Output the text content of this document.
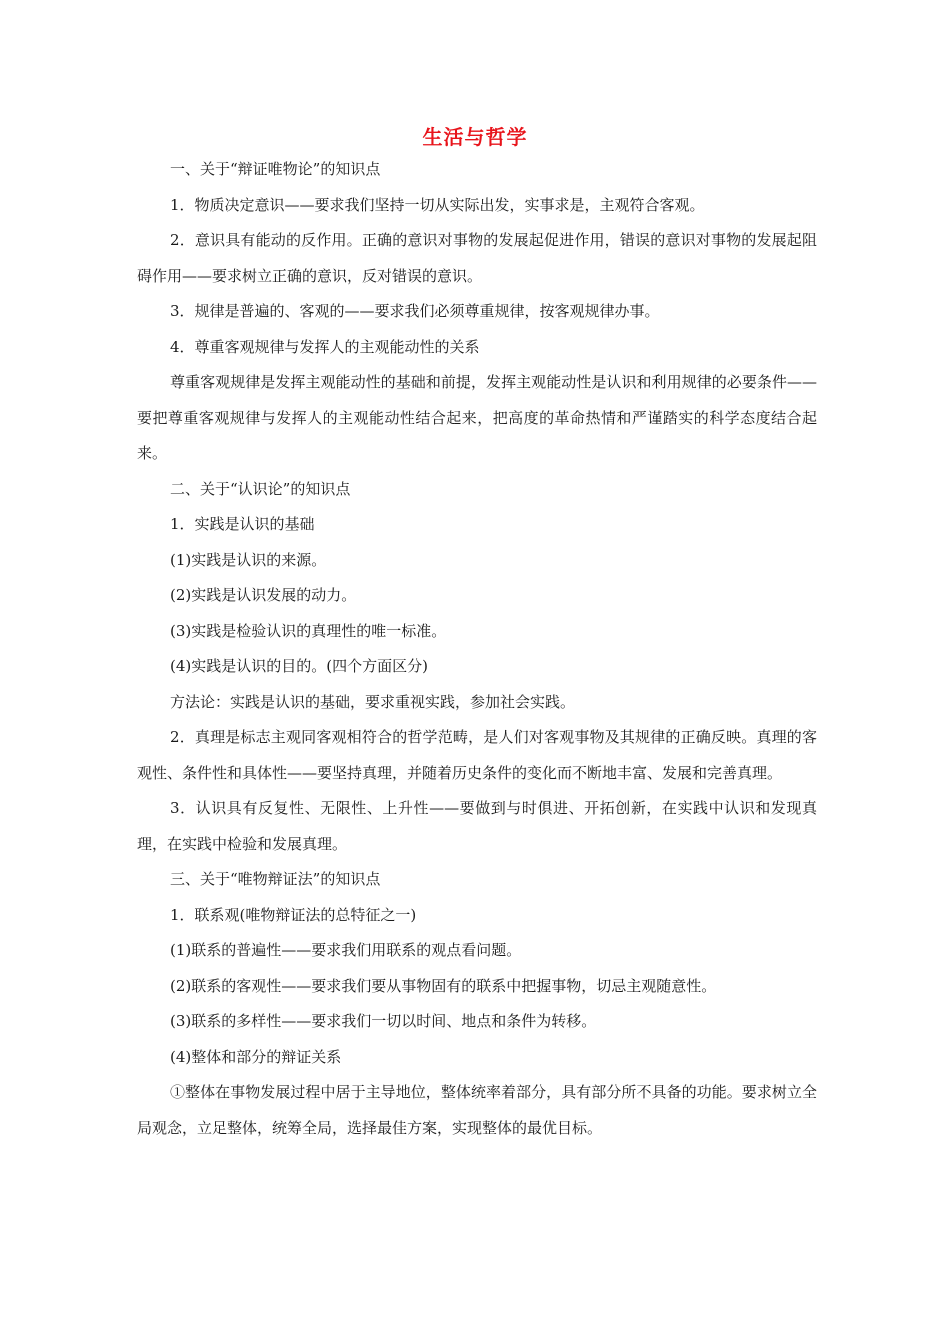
生活与哲学

一、关于“辩证唯物论”的知识点

1．物质决定意识——要求我们坚持一切从实际出发，实事求是，主观符合客观。

2．意识具有能动的反作用。正确的意识对事物的发展起促进作用，错误的意识对事物的发展起阻碍作用——要求树立正确的意识，反对错误的意识。

3．规律是普遍的、客观的——要求我们必须尊重规律，按客观规律办事。

4．尊重客观规律与发挥人的主观能动性的关系

尊重客观规律是发挥主观能动性的基础和前提，发挥主观能动性是认识和利用规律的必要条件——要把尊重客观规律与发挥人的主观能动性结合起来，把高度的革命热情和严谨踏实的科学态度结合起来。

二、关于“认识论”的知识点

1．实践是认识的基础

(1)实践是认识的来源。

(2)实践是认识发展的动力。

(3)实践是检验认识的真理性的唯一标准。

(4)实践是认识的目的。(四个方面区分)

方法论：实践是认识的基础，要求重视实践，参加社会实践。

2．真理是标志主观同客观相符合的哲学范畴，是人们对客观事物及其规律的正确反映。真理的客观性、条件性和具体性——要坚持真理，并随着历史条件的变化而不断地丰富、发展和完善真理。

3．认识具有反复性、无限性、上升性——要做到与时俱进、开拓创新，在实践中认识和发现真理，在实践中检验和发展真理。

三、关于“唯物辩证法”的知识点

1．联系观(唯物辩证法的总特征之一)

(1)联系的普遍性——要求我们用联系的观点看问题。

(2)联系的客观性——要求我们要从事物固有的联系中把握事物，切忌主观随意性。

(3)联系的多样性——要求我们一切以时间、地点和条件为转移。

(4)整体和部分的辩证关系

①整体在事物发展过程中居于主导地位，整体统率着部分，具有部分所不具备的功能。要求树立全局观念，立足整体，统筹全局，选择最佳方案，实现整体的最优目标。
